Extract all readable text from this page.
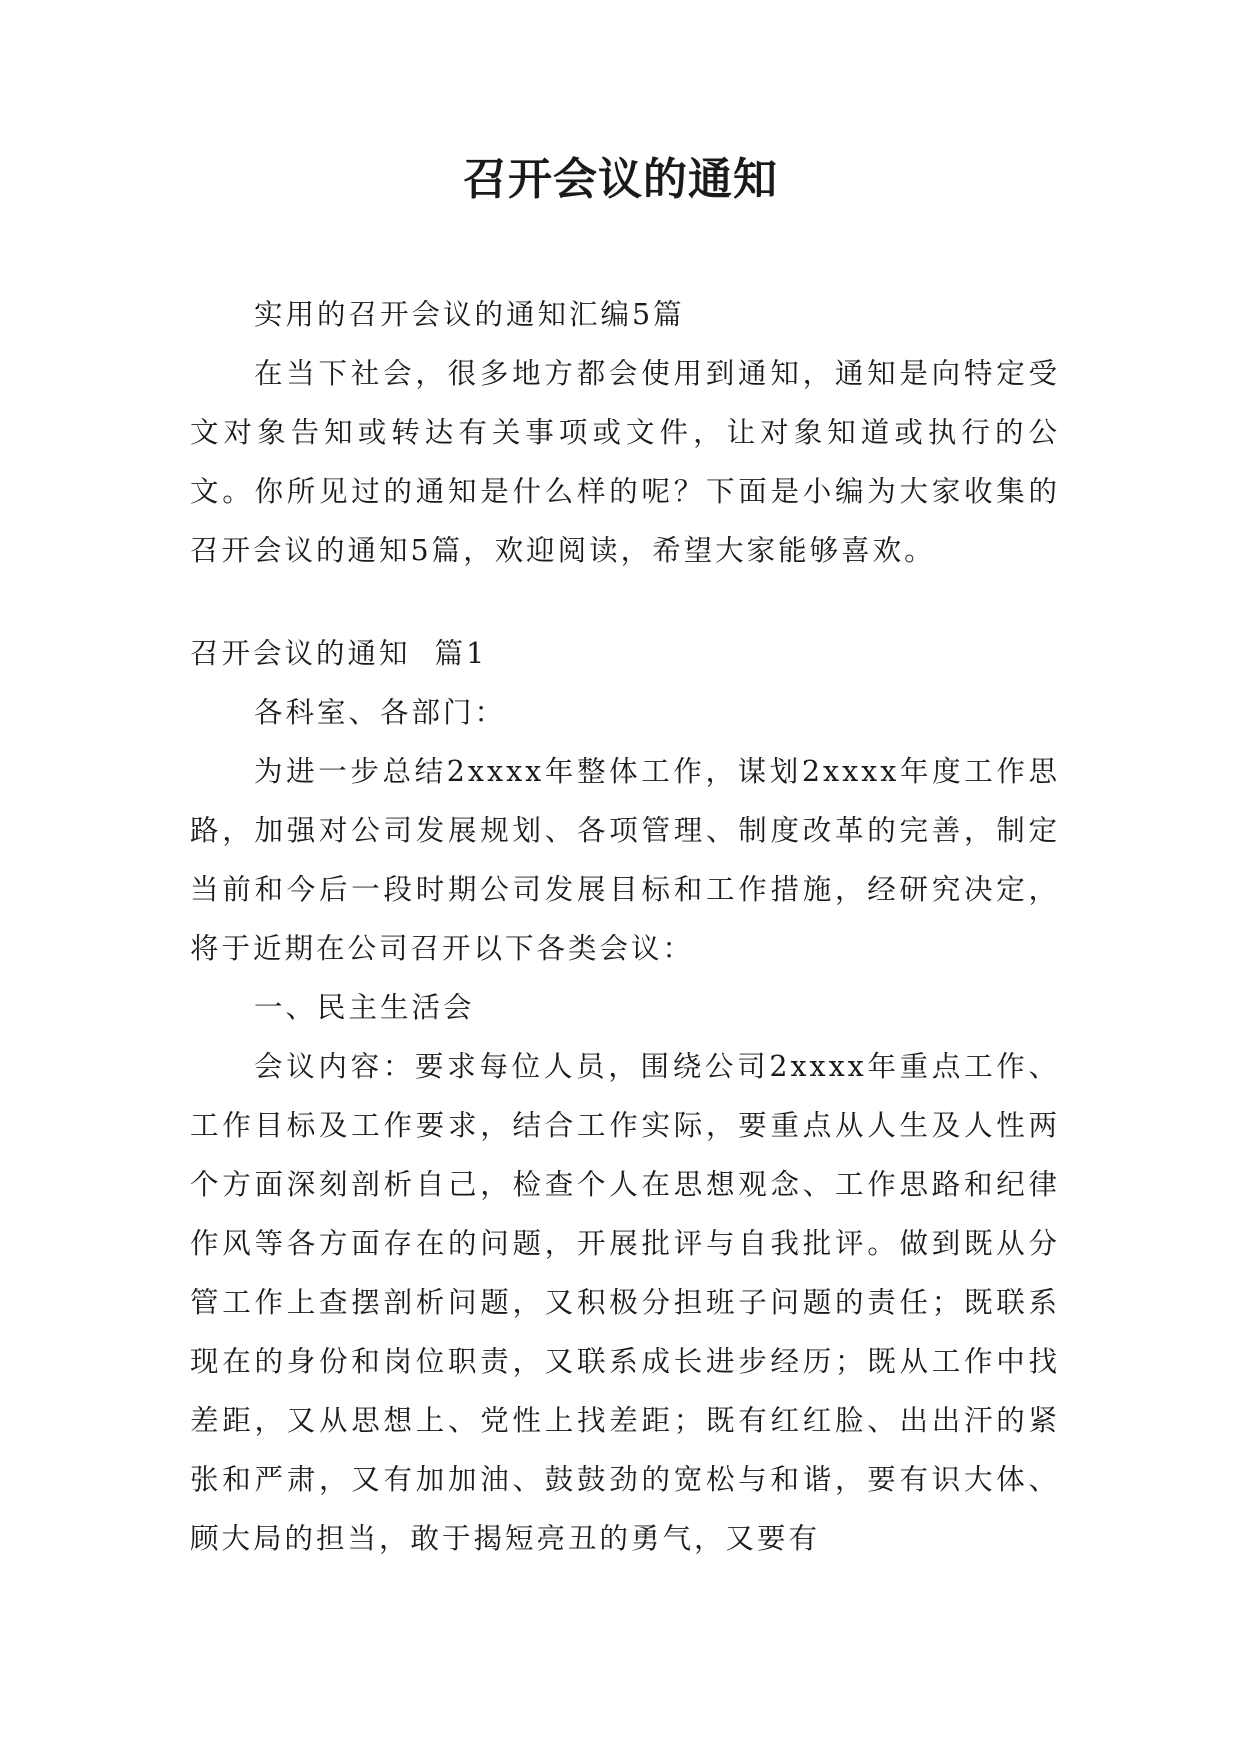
召开会议的通知

实用的召开会议的通知汇编5篇

在当下社会，很多地方都会使用到通知，通知是向特定受文对象告知或转达有关事项或文件，让对象知道或执行的公文。你所见过的通知是什么样的呢？下面是小编为大家收集的召开会议的通知5篇，欢迎阅读，希望大家能够喜欢。

召开会议的通知  篇1

各科室、各部门：

为进一步总结2xxxx年整体工作，谋划2xxxx年度工作思路，加强对公司发展规划、各项管理、制度改革的完善，制定当前和今后一段时期公司发展目标和工作措施，经研究决定，将于近期在公司召开以下各类会议：

一、民主生活会

会议内容：要求每位人员，围绕公司2xxxx年重点工作、工作目标及工作要求，结合工作实际，要重点从人生及人性两个方面深刻剖析自己，检查个人在思想观念、工作思路和纪律作风等各方面存在的问题，开展批评与自我批评。做到既从分管工作上查摆剖析问题，又积极分担班子问题的责任；既联系现在的身份和岗位职责，又联系成长进步经历；既从工作中找差距，又从思想上、党性上找差距；既有红红脸、出出汗的紧张和严肃，又有加加油、鼓鼓劲的宽松与和谐，要有识大体、顾大局的担当，敢于揭短亮丑的勇气，又要有
